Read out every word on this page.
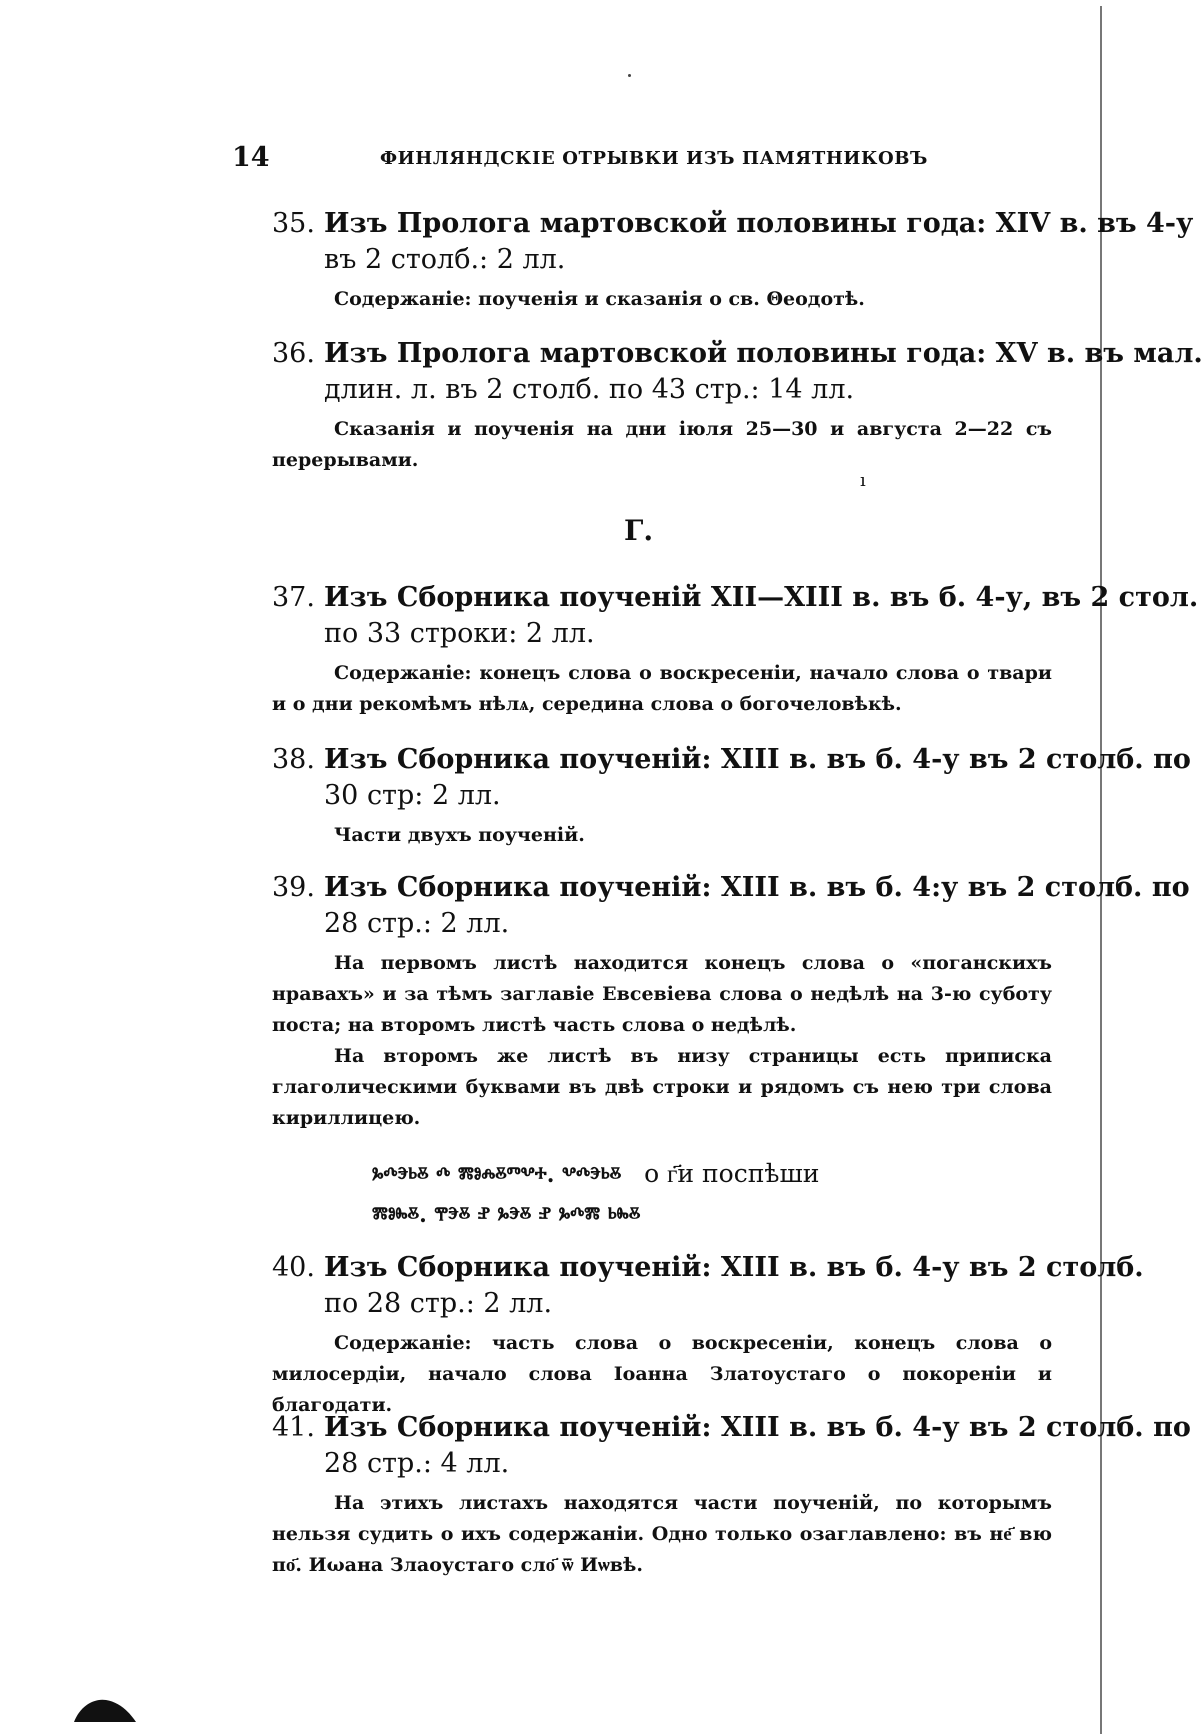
14	ФИНЛЯНДСКІЕ ОТРЫВКИ ИЗЪ ПАМЯТНИКОВЪ
35. Изъ Пролога мартовской половины года: XIV в. въ 4-у
въ 2 столб.: 2 лл.
Содержаніе: поученія и сказанія о св. Θеодотѣ.
36. Изъ Пролога мартовской половины года: XV в. въ мал.
длин. л. въ 2 столб. по 43 стр.: 14 лл.
Сказанія и поученія на дни іюля 25—30 и августа 2—22 съ перерывами.
ı
Г.
37. Изъ Сборника поученій XII—XIII в. въ б. 4-у, въ 2 стол.
по 33 строки: 2 лл.
Содержаніе: конецъ слова о воскресеніи, начало слова о твари и о дни рекомѣмъ нѣлѧ, середина слова о богочеловѣкѣ.
38. Изъ Сборника поученій: XIII в. въ б. 4-у въ 2 столб. по
30 стр: 2 лл.
Части двухъ поученій.
39. Изъ Сборника поученій: XIII в. въ б. 4:у въ 2 столб. по
28 стр.: 2 лл.
На первомъ листѣ находится конецъ слова о «поганскихъ нравахъ» и за тѣмъ заглавіе Евсевіева слова о недѣлѣ на 3-ю суботу поста; на второмъ листѣ часть слова о недѣлѣ.
На второмъ же листѣ въ низу страницы есть приписка глаголическими буквами въ двѣ строки и рядомъ съ нею три слова кириллицею.
ⰳⰴⰵⱃⰻ ⰴ ⰿⱁⰾⰻⱅⰲⰰ. ⰲⰴⰵⱃⰻ о г҃и поспѣши
ⰿⱁⰸⰻ. ⰹⰵⰻ ⱀ ⰳⰵⰻ ⱀ ⰳⰴⰿ ⱃⰸⰻ
40. Изъ Сборника поученій: XIII в. въ б. 4-у въ 2 столб.
по 28 стр.: 2 лл.
Содержаніе: часть слова о воскресеніи, конецъ слова о милосердіи, начало слова Іоанна Златоустаго о покореніи и благодати.
41. Изъ Сборника поученій: XIII в. въ б. 4-у въ 2 столб. по
28 стр.: 4 лл.
На этихъ листахъ находятся части поученій, по которымъ нельзя судить о ихъ содержаніи. Одно только озаглавлено: въ не҃ вю по҃. Иωана Злаоустаго сло҃ ѿ Иѡвѣ.
